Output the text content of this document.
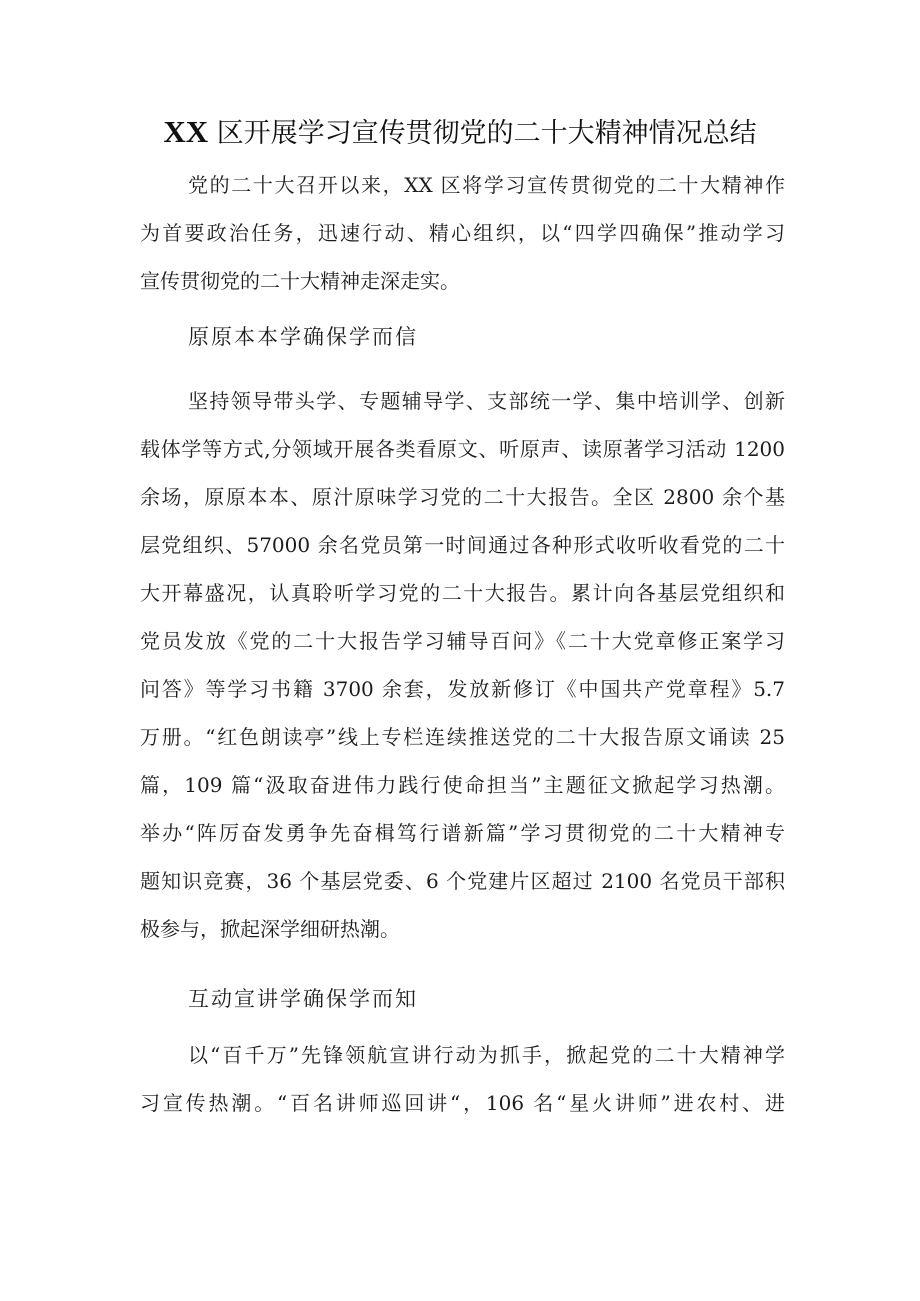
XX 区开展学习宣传贯彻党的二十大精神情况总结
党的二十大召开以来，XX 区将学习宣传贯彻党的二十大精神作
为首要政治任务，迅速行动、精心组织，以“四学四确保”推动学习
宣传贯彻党的二十大精神走深走实。
原原本本学确保学而信
坚持领导带头学、专题辅导学、支部统一学、集中培训学、创新
载体学等方式,分领域开展各类看原文、听原声、读原著学习活动 1200
余场，原原本本、原汁原味学习党的二十大报告。全区 2800 余个基
层党组织、57000 余名党员第一时间通过各种形式收听收看党的二十
大开幕盛况，认真聆听学习党的二十大报告。累计向各基层党组织和
党员发放《党的二十大报告学习辅导百问》《二十大党章修正案学习
问答》等学习书籍 3700 余套，发放新修订《中国共产党章程》5.7
万册。“红色朗读亭”线上专栏连续推送党的二十大报告原文诵读 25
篇，109 篇“汲取奋进伟力践行使命担当”主题征文掀起学习热潮。
举办“阵厉奋发勇争先奋楫笃行谱新篇”学习贯彻党的二十大精神专
题知识竞赛，36 个基层党委、6 个党建片区超过 2100 名党员干部积
极参与，掀起深学细研热潮。
互动宣讲学确保学而知
以“百千万”先锋领航宣讲行动为抓手，掀起党的二十大精神学
习宣传热潮。“百名讲师巡回讲“，106 名“星火讲师”进农村、进
